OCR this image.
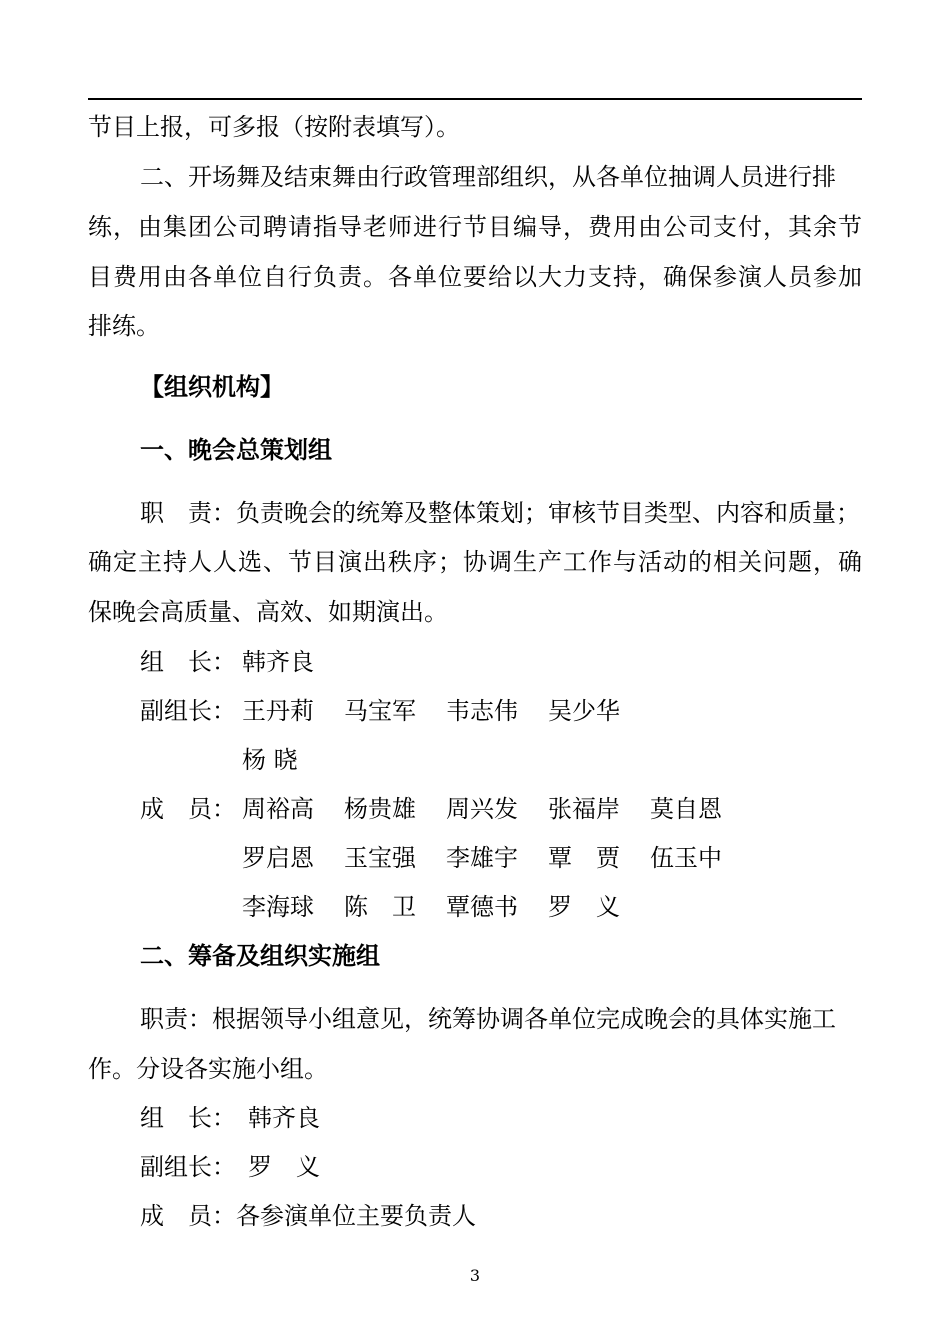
节目上报，可多报（按附表填写）。
二、开场舞及结束舞由行政管理部组织，从各单位抽调人员进行排
练，由集团公司聘请指导老师进行节目编导，费用由公司支付，其余节
目费用由各单位自行负责。各单位要给以大力支持，确保参演人员参加
排练。
【组织机构】
一、晚会总策划组
职　责：负责晚会的统筹及整体策划；审核节目类型、内容和质量；
确定主持人人选、节目演出秩序；协调生产工作与活动的相关问题，确
保晚会高质量、高效、如期演出。
组　长： 韩齐良
副组长： 王丹莉 马宝军 韦志伟 吴少华
杨 晓
成　员： 周裕高 杨贵雄 周兴发 张福岸 莫自恩
罗启恩 玉宝强 李雄宇 覃　贾 伍玉中
李海球 陈　卫 覃德书 罗　义
二、筹备及组织实施组
职责：根据领导小组意见，统筹协调各单位完成晚会的具体实施工
作。分设各实施小组。
组　长：　韩齐良
副组长：　罗　义
成　员：各参演单位主要负责人
3
